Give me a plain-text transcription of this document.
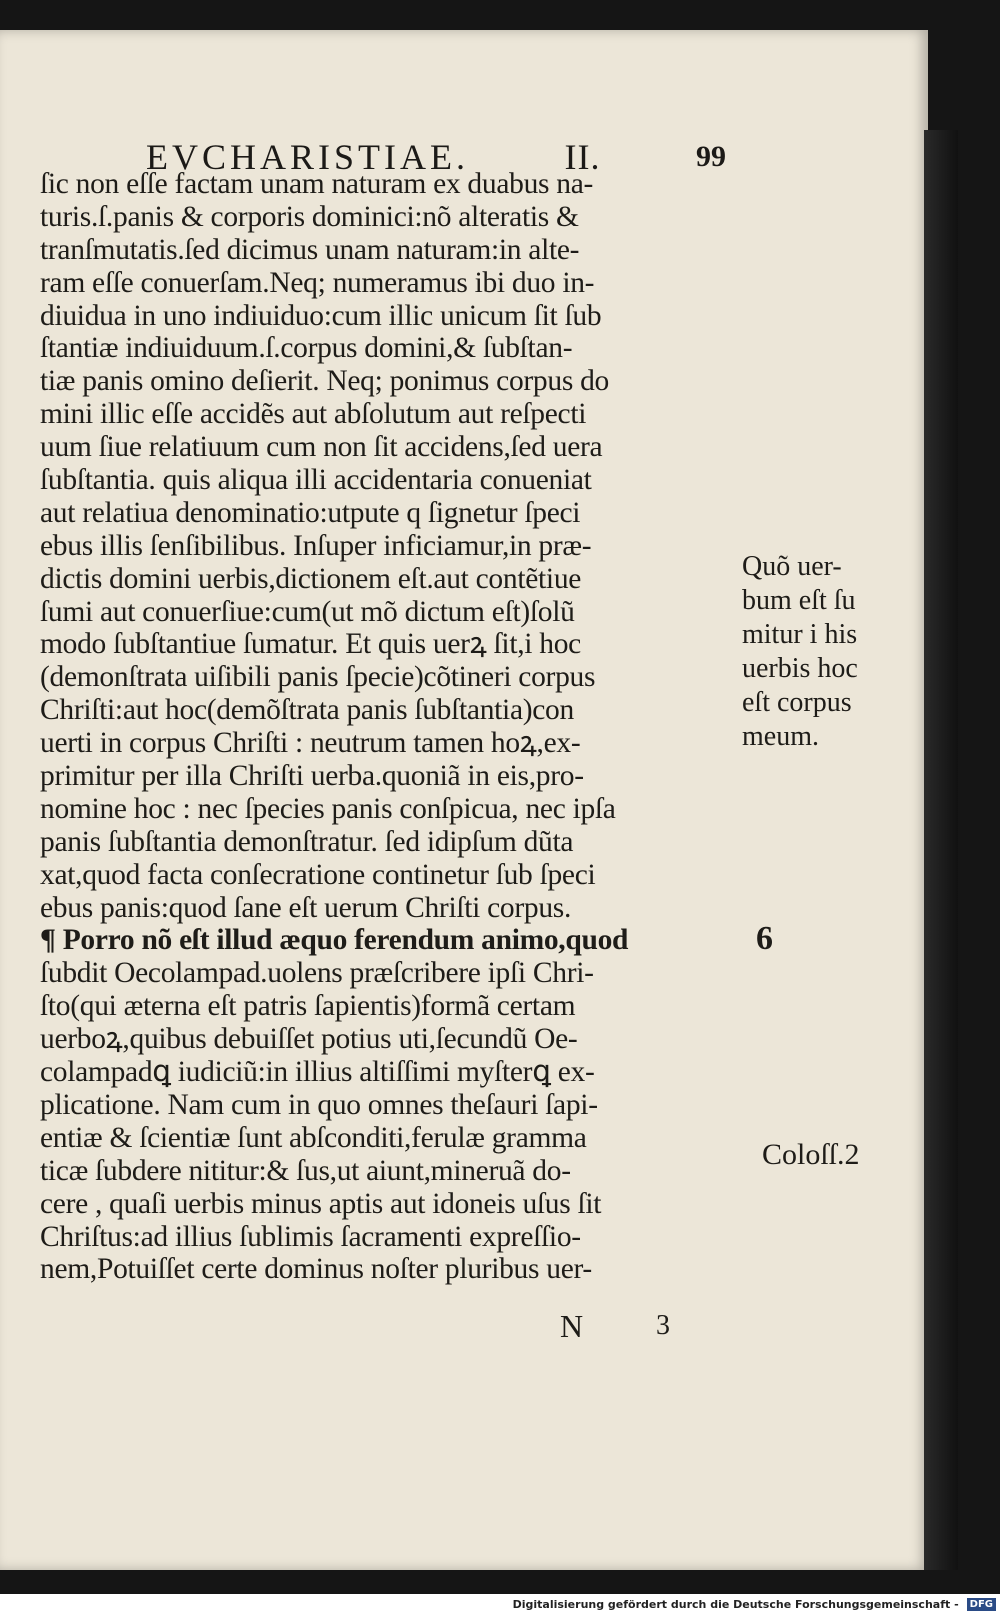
EVCHARISTIAE.	II.	99
ſic non eſſe factam unam naturam ex duabus na-
turis.ſ.panis & corporis dominici:nõ alteratis &
tranſmutatis.ſed dicimus unam naturam:in alte-
ram eſſe conuerſam.Neq; numeramus ibi duo in-
diuidua in uno indiuiduo:cum illic unicum ſit ſub
ſtantiæ indiuiduum.ſ.corpus domini,& ſubſtan-
tiæ panis omino deſierit. Neq; ponimus corpus do
mini illic eſſe accidẽs aut abſolutum aut reſpecti
uum ſiue relatiuum cum non ſit accidens,ſed uera
ſubſtantia. quis aliqua illi accidentaria conueniat
aut relatiua denominatio:utpute q ſignetur ſpeci
ebus illis ſenſibilibus. Inſuper inficiamur,in præ-
dictis domini uerbis,dictionem eſt.aut contẽtiue
ſumi aut conuerſiue:cum(ut mõ dictum eſt)ſolũ
modo ſubſtantiue ſumatur. Et quis uerꝝ ſit,i hoc
(demonſtrata uiſibili panis ſpecie)cõtineri corpus
Chriſti:aut hoc(demõſtrata panis ſubſtantia)con
uerti in corpus Chriſti : neutrum tamen hoꝝ,ex-
primitur per illa Chriſti uerba.quoniã in eis,pro-
nomine hoc : nec ſpecies panis conſpicua, nec ipſa
panis ſubſtantia demonſtratur. ſed idipſum dũta
xat,quod facta conſecratione continetur ſub ſpeci
ebus panis:quod ſane eſt uerum Chriſti corpus.
¶ Porro nõ eſt illud æquo ferendum animo,quod
ſubdit Oecolampad.uolens præſcribere ipſi Chri-
ſto(qui æterna eſt patris ſapientis)formã certam
uerboꝝ,quibus debuiſſet potius uti,ſecundũ Oe-
colampadꝗ iudiciũ:in illius altiſſimi myſterꝗ ex-
plicatione. Nam cum in quo omnes theſauri ſapi-
entiæ & ſcientiæ ſunt abſconditi,ferulæ gramma
ticæ ſubdere nititur:& ſus,ut aiunt,mineruã do-
cere , quaſi uerbis minus aptis aut idoneis uſus ſit
Chriſtus:ad illius ſublimis ſacramenti expreſſio-
nem,Potuiſſet certe dominus noſter pluribus uer-
Quõ uer-
bum eſt ſu
mitur i his
uerbis hoc
eſt corpus
meum.
6
Coloſſ.2
N	3
Digitalisierung gefördert durch die Deutsche Forschungsgemeinschaft -	DFG
